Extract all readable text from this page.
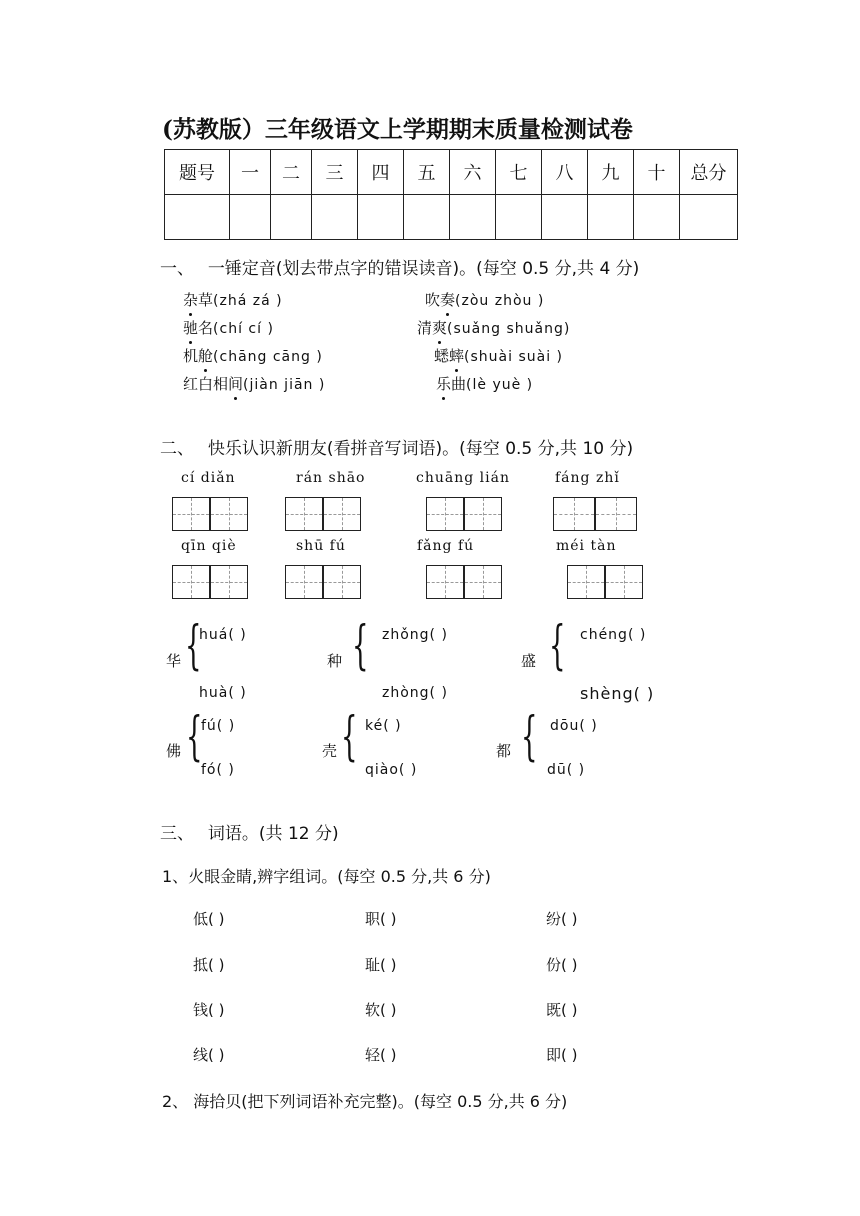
(苏教版）三年级语文上学期期末质量检测试卷
题号	一	二	三	四	五	六	七	八	九	十	总分

一、　 一锤定音(划去带点字的错误读音)。(每空 0.5 分,共 4 分)
杂草(zhá zá )	吹奏(zòu zhòu )
驰名(chí cí )	清爽(suǎng shuǎng)
机舱(chāng cāng )	蟋蟀(shuài suài )
红白相间(jiàn jiān )	乐曲(lè yuè )
二、　 快乐认识新朋友(看拼音写词语)。(每空 0.5 分,共 10 分)
cí diǎn	rán shāo	chuāng lián	fáng zhǐ
qīn qiè	shū fú	fǎng fú	méi tàn
华 {
huá( )
huà( )
种 { zhǒng( )
zhòng( )
盛 { chéng( )
shèng( )
佛 {
fú( )
fó( )
壳 { ké( )
qiào( )
都 { dōu( )
dū( )
三、　 词语。(共 12 分)
1、火眼金睛,辨字组词。(每空 0.5 分,共 6 分)
低( )	职( )	纷( )
抵( )	耻( )	份( )
钱( )	软( )	既( )
线( )	轻( )	即( )
2、 海拾贝(把下列词语补充完整)。(每空 0.5 分,共 6 分)
